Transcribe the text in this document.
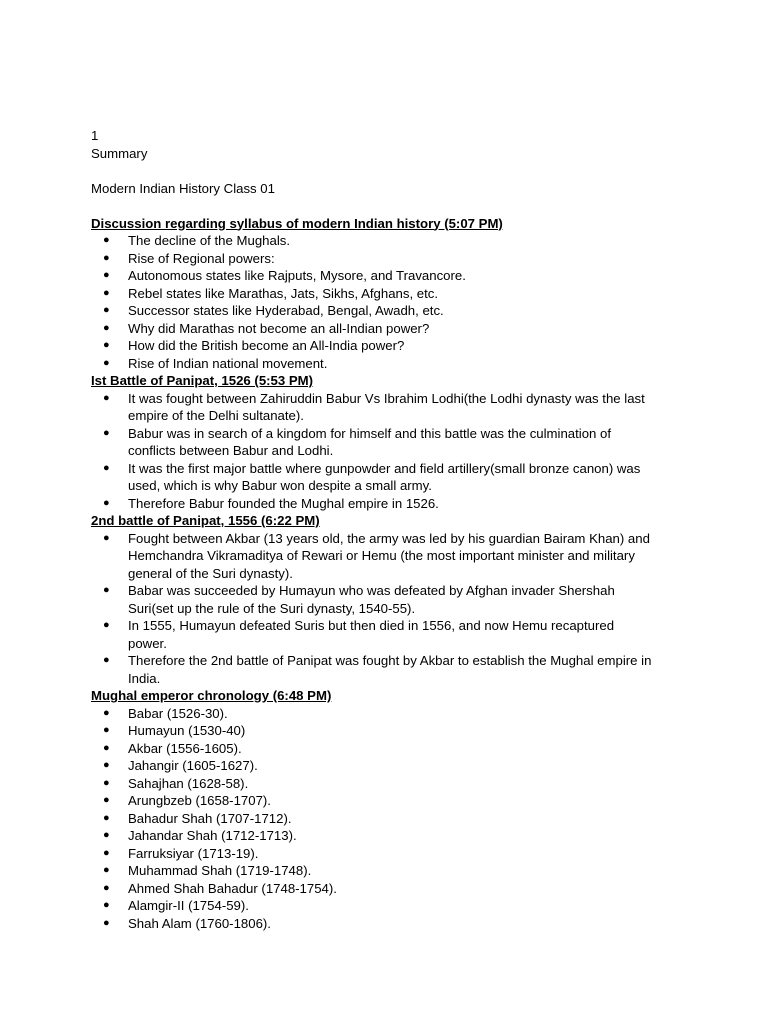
1

Summary

Modern Indian History Class 01

Discussion regarding syllabus of modern Indian history (5:07 PM)

● The decline of the Mughals.
● Rise of Regional powers:
● Autonomous states like Rajputs, Mysore, and Travancore.
● Rebel states like Marathas, Jats, Sikhs, Afghans, etc.
● Successor states like Hyderabad, Bengal, Awadh, etc.
● Why did Marathas not become an all-Indian power?
● How did the British become an All-India power?
● Rise of Indian national movement.

Ist Battle of Panipat, 1526 (5:53 PM)

● It was fought between Zahiruddin Babur Vs Ibrahim Lodhi(the Lodhi dynasty was the last
empire of the Delhi sultanate).
● Babur was in search of a kingdom for himself and this battle was the culmination of
conflicts between Babur and Lodhi.
● It was the first major battle where gunpowder and field artillery(small bronze canon) was
used, which is why Babur won despite a small army.
● Therefore Babur founded the Mughal empire in 1526.

2nd battle of Panipat, 1556 (6:22 PM)

● Fought between Akbar (13 years old, the army was led by his guardian Bairam Khan) and
Hemchandra Vikramaditya of Rewari or Hemu (the most important minister and military
general of the Suri dynasty).
● Babar was succeeded by Humayun who was defeated by Afghan invader Shershah
Suri(set up the rule of the Suri dynasty, 1540-55).
● In 1555, Humayun defeated Suris but then died in 1556, and now Hemu recaptured
power.
● Therefore the 2nd battle of Panipat was fought by Akbar to establish the Mughal empire in
India.

Mughal emperor chronology (6:48 PM)

● Babar (1526-30).
● Humayun (1530-40)
● Akbar (1556-1605).
● Jahangir (1605-1627).
● Sahajhan (1628-58).
● Arungbzeb (1658-1707).
● Bahadur Shah (1707-1712).
● Jahandar Shah (1712-1713).
● Farruksiyar (1713-19).
● Muhammad Shah (1719-1748).
● Ahmed Shah Bahadur (1748-1754).
● Alamgir-II (1754-59).
● Shah Alam (1760-1806).
